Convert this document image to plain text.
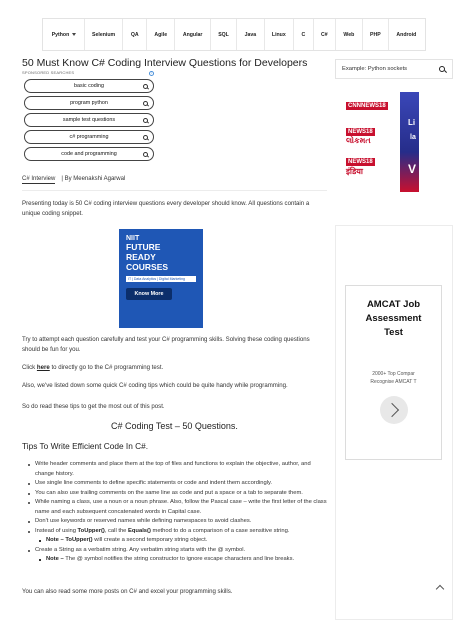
Python	Selenium	QA	Agile	Angular	SQL	Java	Linux	C	C#	Web	PHP	Android
50 Must Know C# Coding Interview Questions for Developers
SPONSORED SEARCHES	i
basic coding
program python
sample test questions
c# programming
code and programming
Example: Python sockets
CNNNEWS18
NEWS18
લોકમત
NEWS18
इंडिया
Li
la
V
C# Interview | By Meenakshi Agarwal
Presenting today is 50 C# coding interview questions every developer should know. All questions contain a unique coding snippet.
NIIT
FUTURE
READY
COURSES
IT | Data Analytics | Digital Marketing
Know More
Try to attempt each question carefully and test your C# programming skills. Solving these coding questions should be fun for you.
Click here to directly go to the C# programming test.
Also, we've listed down some quick C# coding tips which could be quite handy while programming.
So do read these tips to get the most out of this post.
AMCAT Job
Assessment
Test
2000+ Top Compar
Recognise AMCAT T
C# Coding Test – 50 Questions.
Tips To Write Efficient Code In C#.
Write header comments and place them at the top of files and functions to explain the objective, author, and change history.
Use single line comments to define specific statements or code and indent them accordingly.
You can also use trailing comments on the same line as code and put a space or a tab to separate them.
While naming a class, use a noun or a noun phrase. Also, follow the Pascal case – write the first letter of the class name and each subsequent concatenated words in Capital case.
Don't use keywords or reserved names while defining namespaces to avoid clashes.
Instead of using ToUpper(), call the Equals() method to do a comparison of a case sensitive string.
Note – ToUpper() will create a second temporary string object.
Create a String as a verbatim string. Any verbatim string starts with the @ symbol.
Note – The @ symbol notifies the string constructor to ignore escape characters and line breaks.
You can also read some more posts on C# and excel your programming skills.
